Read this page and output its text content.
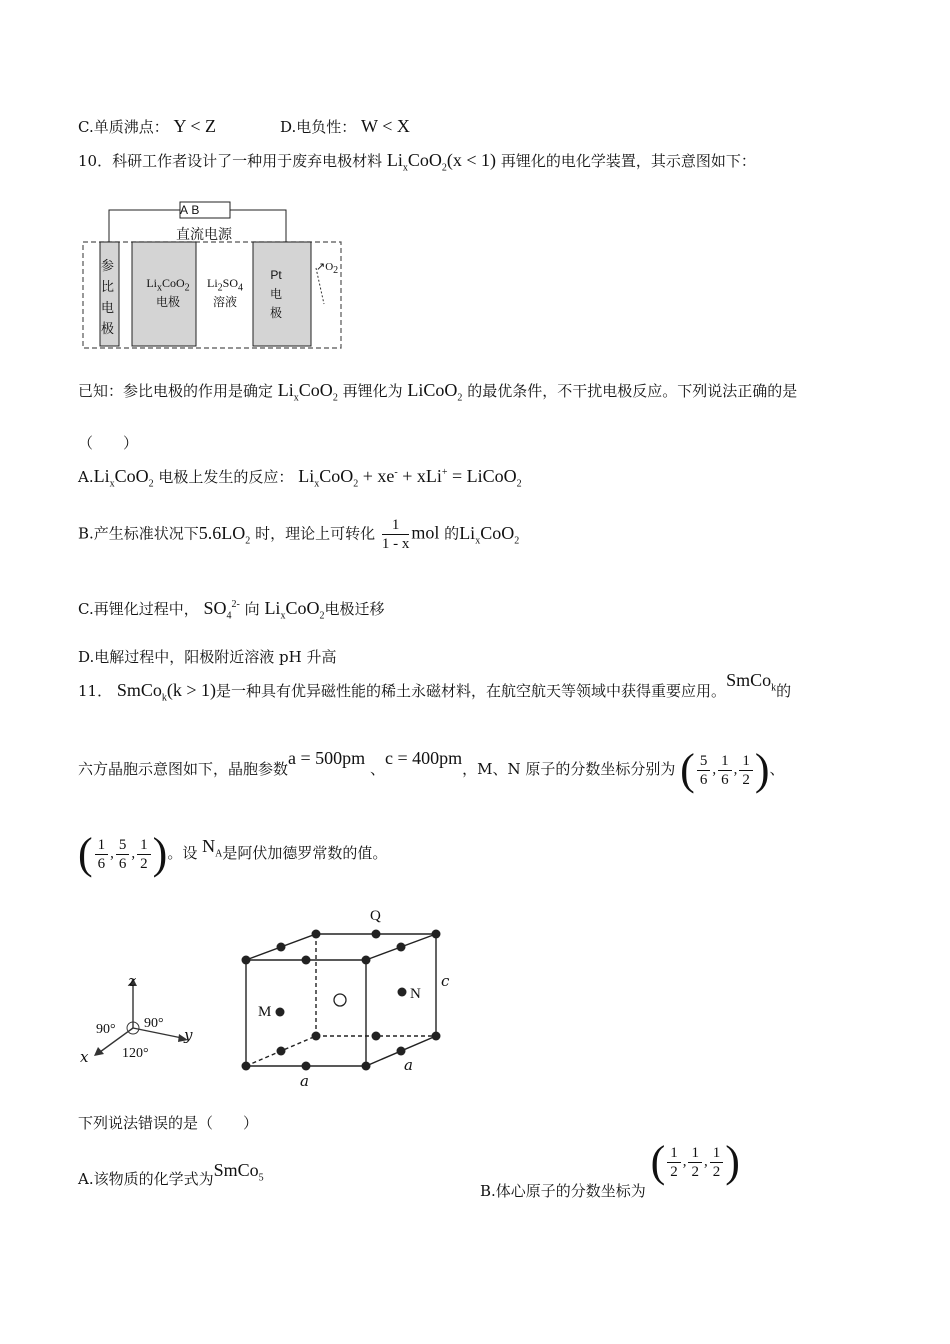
C.单质沸点： Y < Z	D.电负性： W < X
10．科研工作者设计了一种用于废弃电极材料 $Li_xCoO_2(x < 1)$ 再锂化的电化学装置，其示意图如下：
A B
直流电源
参
比
电
极
$Li_xCoO_2$
电极
$Li_2SO_4$
溶液
Pt
电
极
$↗O_2$
已知：参比电极的作用是确定 $Li_xCoO_2$ 再锂化为 LiCoO$_2$ 的最优条件，不干扰电极反应。下列说法正确的是
（　　）
$A.Li_xCoO_2$ 电极上发生的反应： $Li_xCoO_2 + xe^- + xLi^+$ = LiCoO$_2$
B.产生标准状况下$5.6LO_2$ 时，理论上可转化 $\frac{1}{1 - x}$ mol 的$Li_xCoO_2$
C.再锂化过程中， $SO_4^{2-}$ 向 $Li_xCoO_2$电极迁移
D.电解过程中，阳极附近溶液 pH 升高
11． SmCo$_k$(k > 1)是一种具有优异磁性能的稀土永磁材料，在航空航天等领域中获得重要应用。SmCo$_k$的
六方晶胞示意图如下，晶胞参数a = 500pm 、c = 400pm，M、N 原子的分数坐标分别为 ( $\frac{5}{6}$ , $\frac{1}{6}$ , $\frac{1}{2}$ )、
( $\frac{1}{6}$ , $\frac{5}{6}$ , $\frac{1}{2}$ )。设 $N_A$是阿伏加德罗常数的值。
z
y
x
90° 90°
120°
Q
M
N
c
a
a
下列说法错误的是（　　）
A.该物质的化学式为SmCo$_5$
B.体心原子的分数坐标为 ( $\frac{1}{2}$ , $\frac{1}{2}$ , $\frac{1}{2}$ )
